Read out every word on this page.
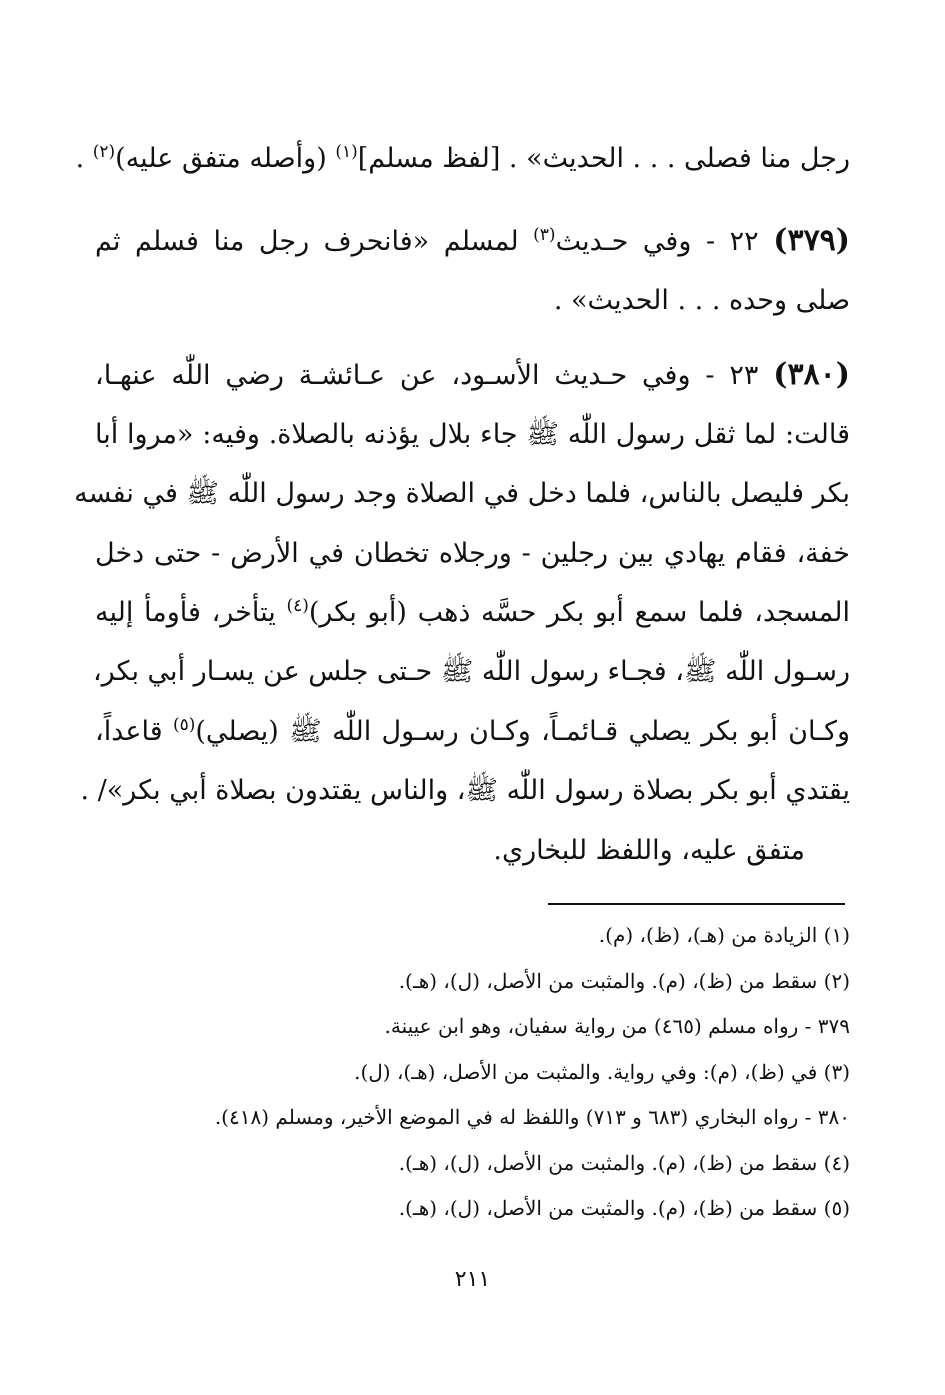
رجل منا فصلى . . . الحديث» . [لفظ مسلم]$^{(١)}$ (وأصله متفق عليه)$^{(٢)}$ .
(٣٧٩) ٢٢ - وفي حـديث$^{(٣)}$ لمسلم «فانحرف رجل منا فسلم ثم
صلى وحده . . . الحديث» .
(٣٨٠) ٢٣ - وفي حـديث الأسـود، عن عـائشـة رضي اللّٰه عنهـا،
قالت: لما ثقل رسول اللّٰه ﷺ جاء بلال يؤذنه بالصلاة. وفيه: «مروا أبا
بكر فليصل بالناس، فلما دخل في الصلاة وجد رسول اللّٰه ﷺ في نفسه
خفة، فقام يهادي بين رجلين - ورجلاه تخطان في الأرض - حتى دخل
المسجد، فلما سمع أبو بكر حسَّه ذهب (أبو بكر)$^{(٤)}$ يتأخر، فأومأ إليه
رسـول اللّٰه ﷺ، فجـاء رسول اللّٰه ﷺ حـتى جلس عن يسـار أبي بكر،
وكـان أبو بكر يصلي قـائمـاً، وكـان رسـول اللّٰه ﷺ (يصلي)$^{(٥)}$ قاعداً،
يقتدي أبو بكر بصلاة رسول اللّٰه ﷺ، والناس يقتدون بصلاة أبي بكر»/ .
متفق عليه، واللفظ للبخاري.
(١) الزيادة من (هـ)، (ظ)، (م).
(٢) سقط من (ظ)، (م). والمثبت من الأصل، (ل)، (هـ).
٣٧٩ - رواه مسلم (٤٦٥) من رواية سفيان، وهو ابن عيينة.
(٣) في (ظ)، (م): وفي رواية. والمثبت من الأصل، (هـ)، (ل).
٣٨٠ - رواه البخاري (٦٨٣ و ٧١٣) واللفظ له في الموضع الأخير، ومسلم (٤١٨).
(٤) سقط من (ظ)، (م). والمثبت من الأصل، (ل)، (هـ).
(٥) سقط من (ظ)، (م). والمثبت من الأصل، (ل)، (هـ).
٢١١
